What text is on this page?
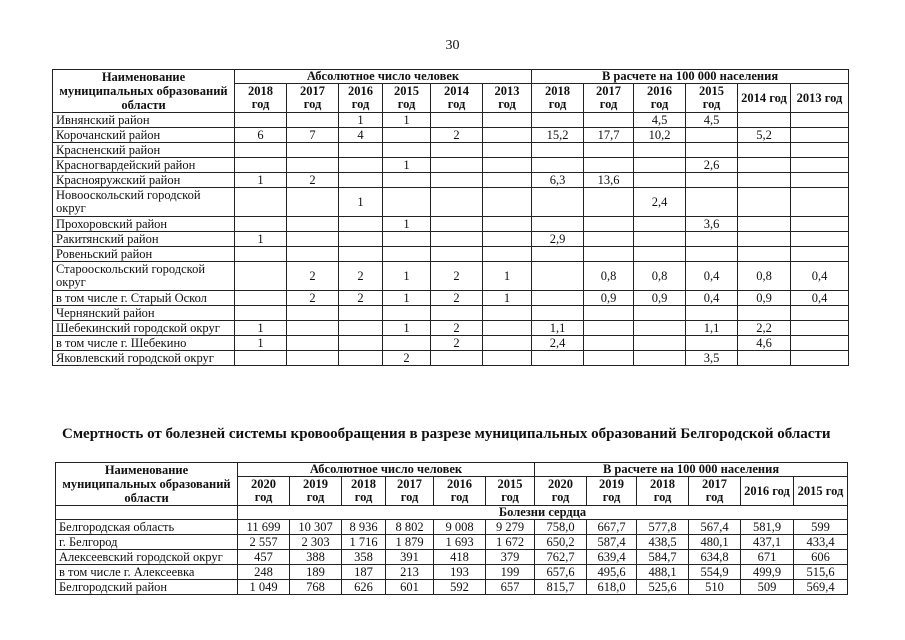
30
Наименование муниципальных образований области	Абсолютное число человек						В расчете на 100 000 населения					
	2018 год	2017 год	2016 год	2015 год	2014 год	2013 год	2018 год	2017 год	2016 год	2015 год	2014 год	2013 год
Ивнянский район			1	1					4,5	4,5		
Корочанский район	6	7	4		2		15,2	17,7	10,2		5,2	
Красненский район												
Красногвардейский район				1						2,6		
Краснояружский район	1	2					6,3	13,6				
Новооскольский городской округ			1						2,4			
Прохоровский район				1						3,6		
Ракитянский район	1						2,9					
Ровеньский район												
Старооскольский городской округ		2	2	1	2	1		0,8	0,8	0,4	0,8	0,4
в том числе г. Старый Оскол		2	2	1	2	1		0,9	0,9	0,4	0,9	0,4
Чернянский район												
Шебекинский городской округ	1			1	2		1,1			1,1	2,2	
в том числе г. Шебекино	1				2		2,4				4,6	
Яковлевский городской округ				2						3,5		
Смертность от болезней системы кровообращения в разрезе муниципальных образований Белгородской области
Наименование муниципальных образований области	Абсолютное число человек						В расчете на 100 000 населения					
	2020 год	2019 год	2018 год	2017 год	2016 год	2015 год	2020 год	2019 год	2018 год	2017 год	2016 год	2015 год
	Болезни сердца											
Белгородская область	11 699	10 307	8 936	8 802	9 008	9 279	758,0	667,7	577,8	567,4	581,9	599
г. Белгород	2 557	2 303	1 716	1 879	1 693	1 672	650,2	587,4	438,5	480,1	437,1	433,4
Алексеевский городской округ	457	388	358	391	418	379	762,7	639,4	584,7	634,8	671	606
в том числе г. Алексеевка	248	189	187	213	193	199	657,6	495,6	488,1	554,9	499,9	515,6
Белгородский район	1 049	768	626	601	592	657	815,7	618,0	525,6	510	509	569,4
